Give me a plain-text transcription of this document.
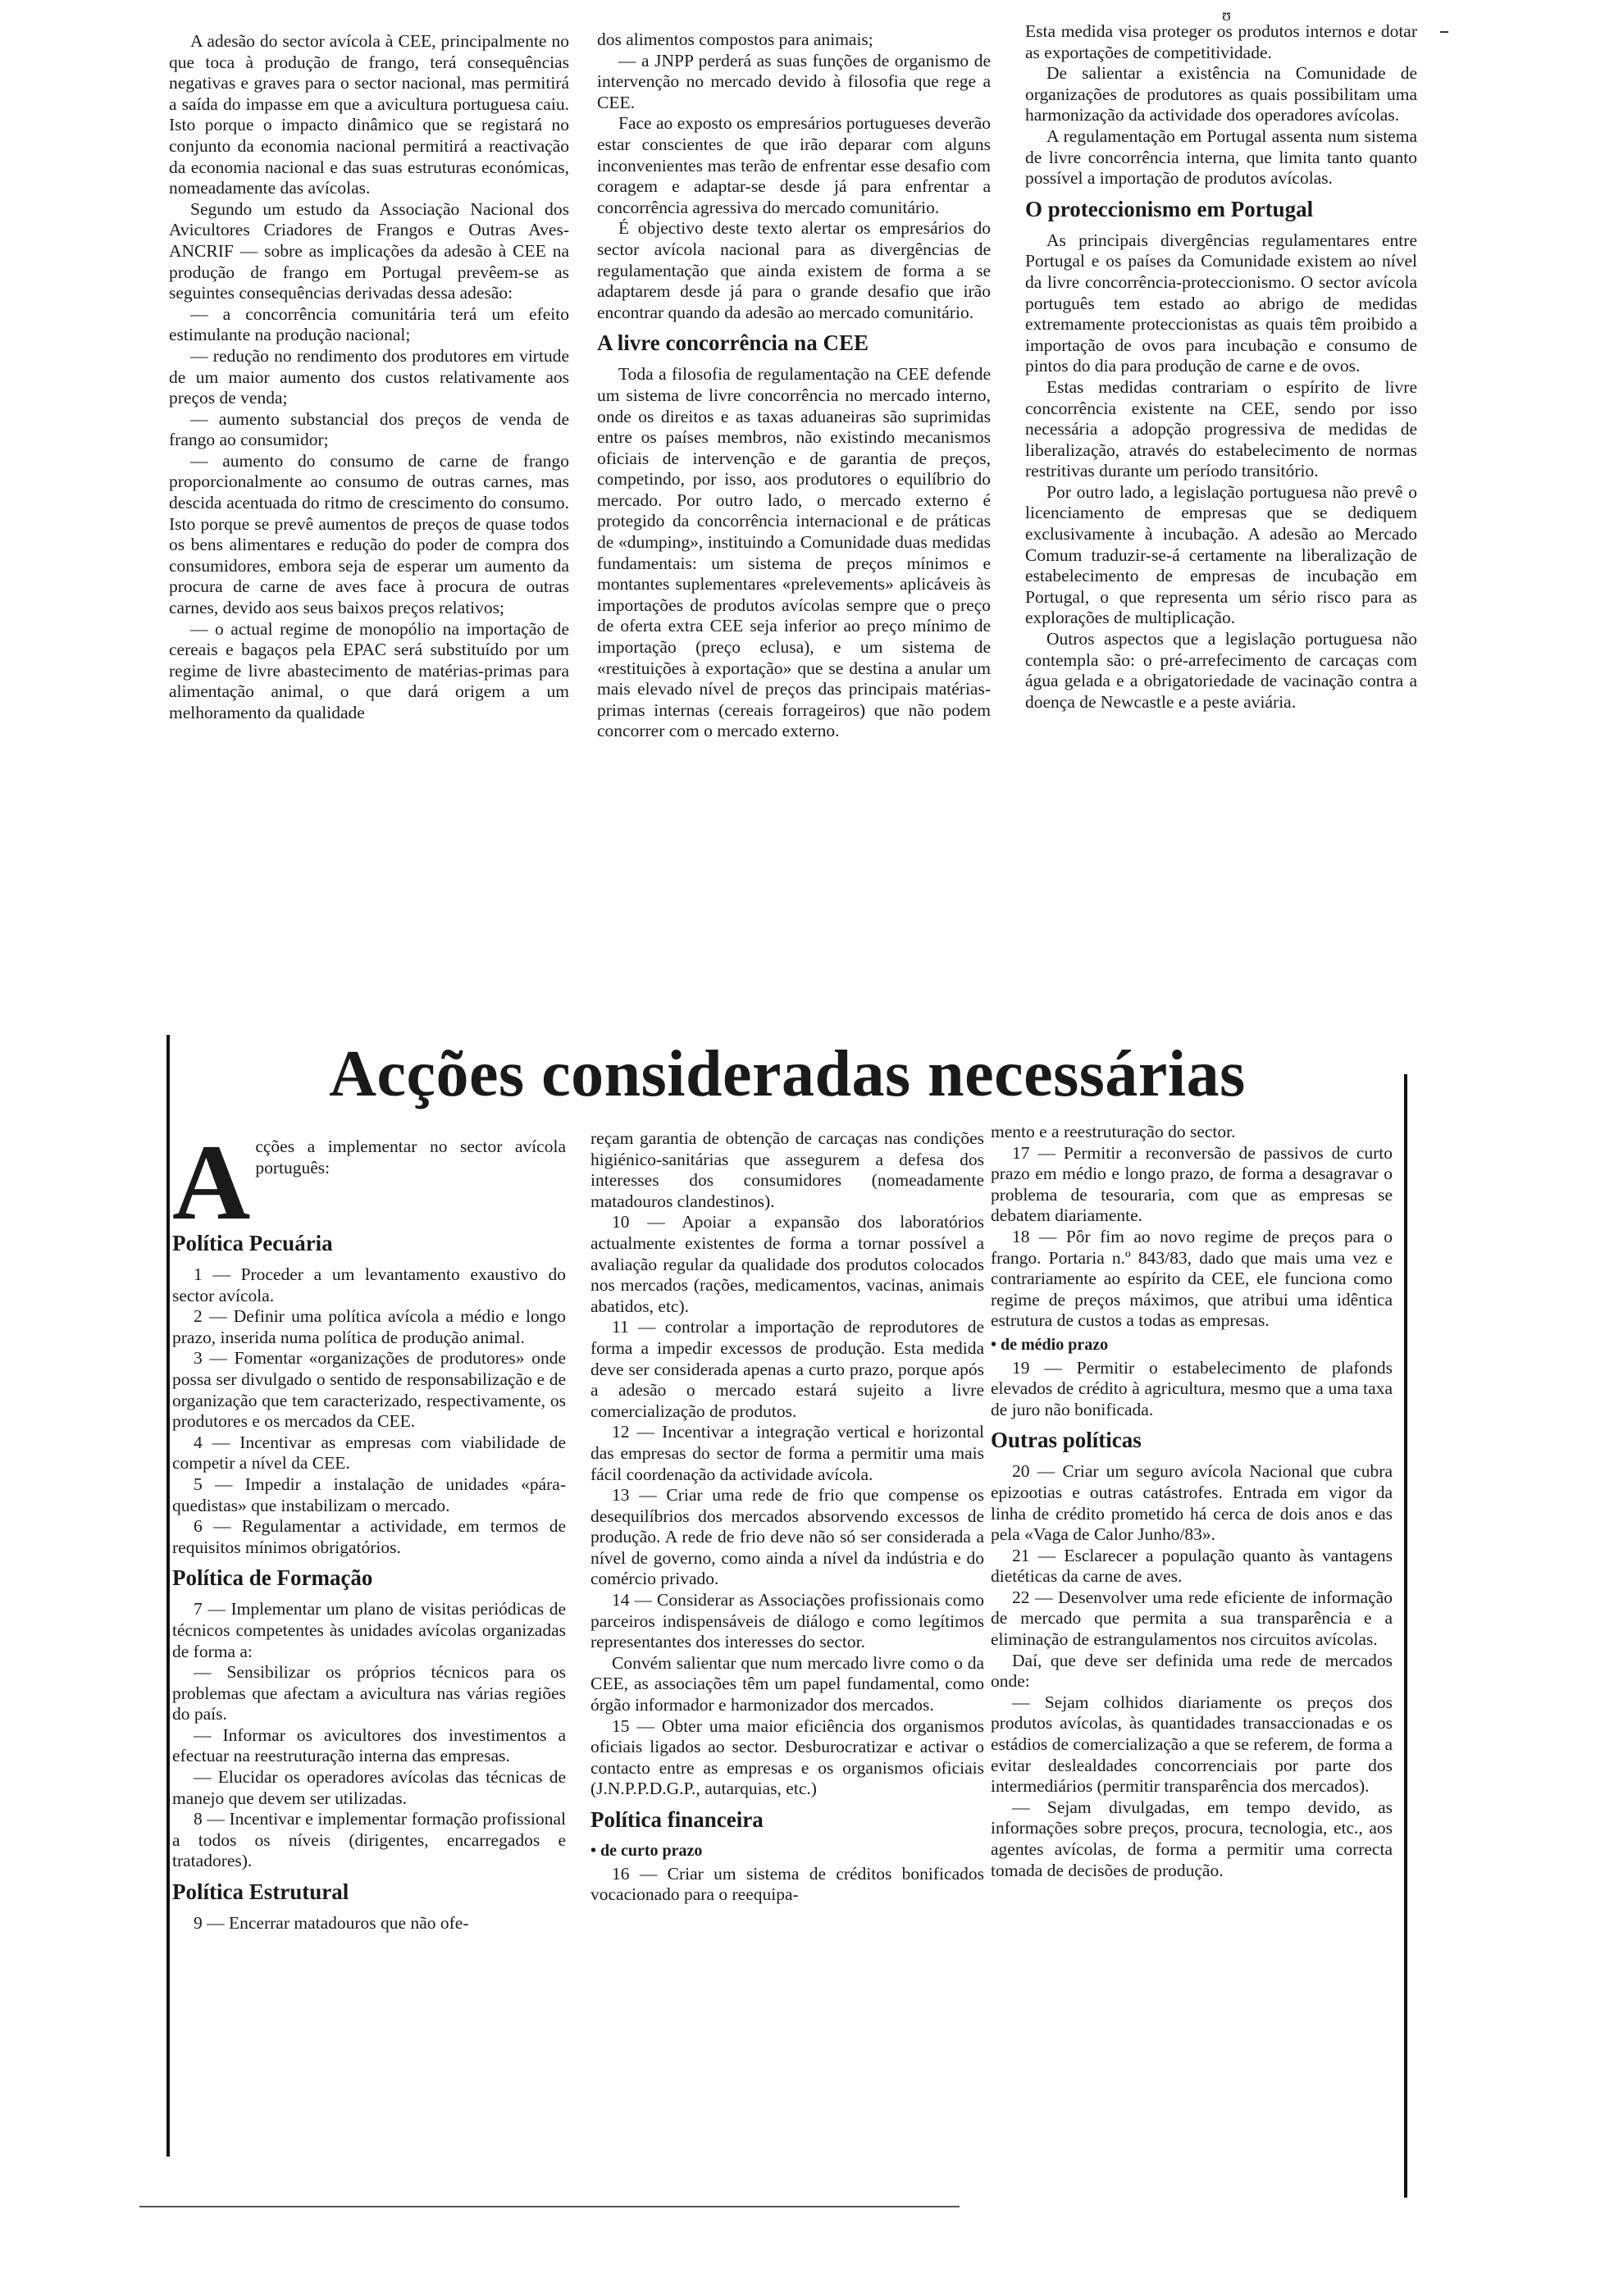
ʊ

A adesão do sector avícola à CEE, principalmente no que toca à produção de frango, terá consequências negativas e graves para o sector nacional, mas permitirá a saída do impasse em que a avicultura portuguesa caiu. Isto porque o impacto dinâmico que se registará no conjunto da economia nacional permitirá a reactivação da economia nacional e das suas estruturas económicas, nomeadamente das avícolas.

Segundo um estudo da Associação Nacional dos Avicultores Criadores de Frangos e Outras Aves-ANCRIF — sobre as implicações da adesão à CEE na produção de frango em Portugal prevêem-se as seguintes consequências derivadas dessa adesão:

— a concorrência comunitária terá um efeito estimulante na produção nacional;

— redução no rendimento dos produtores em virtude de um maior aumento dos custos relativamente aos preços de venda;

— aumento substancial dos preços de venda de frango ao consumidor;

— aumento do consumo de carne de frango proporcionalmente ao consumo de outras carnes, mas descida acentuada do ritmo de crescimento do consumo. Isto porque se prevê aumentos de preços de quase todos os bens alimentares e redução do poder de compra dos consumidores, embora seja de esperar um aumento da procura de carne de aves face à procura de outras carnes, devido aos seus baixos preços relativos;

— o actual regime de monopólio na importação de cereais e bagaços pela EPAC será substituído por um regime de livre abastecimento de matérias-primas para alimentação animal, o que dará origem a um melhoramento da qualidade

dos alimentos compostos para animais;

— a JNPP perderá as suas funções de organismo de intervenção no mercado devido à filosofia que rege a CEE.

Face ao exposto os empresários portugueses deverão estar conscientes de que irão deparar com alguns inconvenientes mas terão de enfrentar esse desafio com coragem e adaptar-se desde já para enfrentar a concorrência agressiva do mercado comunitário.

É objectivo deste texto alertar os empresários do sector avícola nacional para as divergências de regulamentação que ainda existem de forma a se adaptarem desde já para o grande desafio que irão encontrar quando da adesão ao mercado comunitário.

A livre concorrência na CEE

Toda a filosofia de regulamentação na CEE defende um sistema de livre concorrência no mercado interno, onde os direitos e as taxas aduaneiras são suprimidas entre os países membros, não existindo mecanismos oficiais de intervenção e de garantia de preços, competindo, por isso, aos produtores o equilíbrio do mercado. Por outro lado, o mercado externo é protegido da concorrência internacional e de práticas de «dumping», instituindo a Comunidade duas medidas fundamentais: um sistema de preços mínimos e montantes suplementares «prelevements» aplicáveis às importações de produtos avícolas sempre que o preço de oferta extra CEE seja inferior ao preço mínimo de importação (preço eclusa), e um sistema de «restituições à exportação» que se destina a anular um mais elevado nível de preços das principais matérias-primas internas (cereais forrageiros) que não podem concorrer com o mercado externo.

Esta medida visa proteger os produtos internos e dotar as exportações de competitividade.

De salientar a existência na Comunidade de organizações de produtores as quais possibilitam uma harmonização da actividade dos operadores avícolas.

A regulamentação em Portugal assenta num sistema de livre concorrência interna, que limita tanto quanto possível a importação de produtos avícolas.

O proteccionismo em Portugal

As principais divergências regulamentares entre Portugal e os países da Comunidade existem ao nível da livre concorrência-proteccionismo. O sector avícola português tem estado ao abrigo de medidas extremamente proteccionistas as quais têm proibido a importação de ovos para incubação e consumo de pintos do dia para produção de carne e de ovos.

Estas medidas contrariam o espírito de livre concorrência existente na CEE, sendo por isso necessária a adopção progressiva de medidas de liberalização, através do estabelecimento de normas restritivas durante um período transitório.

Por outro lado, a legislação portuguesa não prevê o licenciamento de empresas que se dediquem exclusivamente à incubação. A adesão ao Mercado Comum traduzir-se-á certamente na liberalização de estabelecimento de empresas de incubação em Portugal, o que representa um sério risco para as explorações de multiplicação.

Outros aspectos que a legislação portuguesa não contempla são: o pré-arrefecimento de carcaças com água gelada e a obrigatoriedade de vacinação contra a doença de Newcastle e a peste aviária.

Acções consideradas necessárias

Acções a implementar no sector avícola português:

Política Pecuária

1 — Proceder a um levantamento exaustivo do sector avícola.

2 — Definir uma política avícola a médio e longo prazo, inserida numa política de produção animal.

3 — Fomentar «organizações de produtores» onde possa ser divulgado o sentido de responsabilização e de organização que tem caracterizado, respectivamente, os produtores e os mercados da CEE.

4 — Incentivar as empresas com viabilidade de competir a nível da CEE.

5 — Impedir a instalação de unidades «pára-quedistas» que instabilizam o mercado.

6 — Regulamentar a actividade, em termos de requisitos mínimos obrigatórios.

Política de Formação

7 — Implementar um plano de visitas periódicas de técnicos competentes às unidades avícolas organizadas de forma a:

— Sensibilizar os próprios técnicos para os problemas que afectam a avicultura nas várias regiões do país.

— Informar os avicultores dos investimentos a efectuar na reestruturação interna das empresas.

— Elucidar os operadores avícolas das técnicas de manejo que devem ser utilizadas.

8 — Incentivar e implementar formação profissional a todos os níveis (dirigentes, encarregados e tratadores).

Política Estrutural

9 — Encerrar matadouros que não ofe-

reçam garantia de obtenção de carcaças nas condições higiénico-sanitárias que assegurem a defesa dos interesses dos consumidores (nomeadamente matadouros clandestinos).

10 — Apoiar a expansão dos laboratórios actualmente existentes de forma a tornar possível a avaliação regular da qualidade dos produtos colocados nos mercados (rações, medicamentos, vacinas, animais abatidos, etc).

11 — controlar a importação de reprodutores de forma a impedir excessos de produção. Esta medida deve ser considerada apenas a curto prazo, porque após a adesão o mercado estará sujeito a livre comercialização de produtos.

12 — Incentivar a integração vertical e horizontal das empresas do sector de forma a permitir uma mais fácil coordenação da actividade avícola.

13 — Criar uma rede de frio que compense os desequilíbrios dos mercados absorvendo excessos de produção. A rede de frio deve não só ser considerada a nível de governo, como ainda a nível da indústria e do comércio privado.

14 — Considerar as Associações profissionais como parceiros indispensáveis de diálogo e como legítimos representantes dos interesses do sector.

Convém salientar que num mercado livre como o da CEE, as associações têm um papel fundamental, como órgão informador e harmonizador dos mercados.

15 — Obter uma maior eficiência dos organismos oficiais ligados ao sector. Desburocratizar e activar o contacto entre as empresas e os organismos oficiais (J.N.P.P.D.G.P., autarquias, etc.)

Política financeira
• de curto prazo

16 — Criar um sistema de créditos bonificados vocacionado para o reequipa-

mento e a reestruturação do sector.

17 — Permitir a reconversão de passivos de curto prazo em médio e longo prazo, de forma a desagravar o problema de tesouraria, com que as empresas se debatem diariamente.

18 — Pôr fim ao novo regime de preços para o frango. Portaria n.º 843/83, dado que mais uma vez e contrariamente ao espírito da CEE, ele funciona como regime de preços máximos, que atribui uma idêntica estrutura de custos a todas as empresas.

• de médio prazo

19 — Permitir o estabelecimento de plafonds elevados de crédito à agricultura, mesmo que a uma taxa de juro não bonificada.

Outras políticas

20 — Criar um seguro avícola Nacional que cubra epizootias e outras catástrofes. Entrada em vigor da linha de crédito prometido há cerca de dois anos e das pela «Vaga de Calor Junho/83».

21 — Esclarecer a população quanto às vantagens dietéticas da carne de aves.

22 — Desenvolver uma rede eficiente de informação de mercado que permita a sua transparência e a eliminação de estrangulamentos nos circuitos avícolas.

Daí, que deve ser definida uma rede de mercados onde:

— Sejam colhidos diariamente os preços dos produtos avícolas, às quantidades transaccionadas e os estádios de comercialização a que se referem, de forma a evitar deslealdades concorrenciais por parte dos intermediários (permitir transparência dos mercados).

— Sejam divulgadas, em tempo devido, as informações sobre preços, procura, tecnologia, etc., aos agentes avícolas, de forma a permitir uma correcta tomada de decisões de produção.
